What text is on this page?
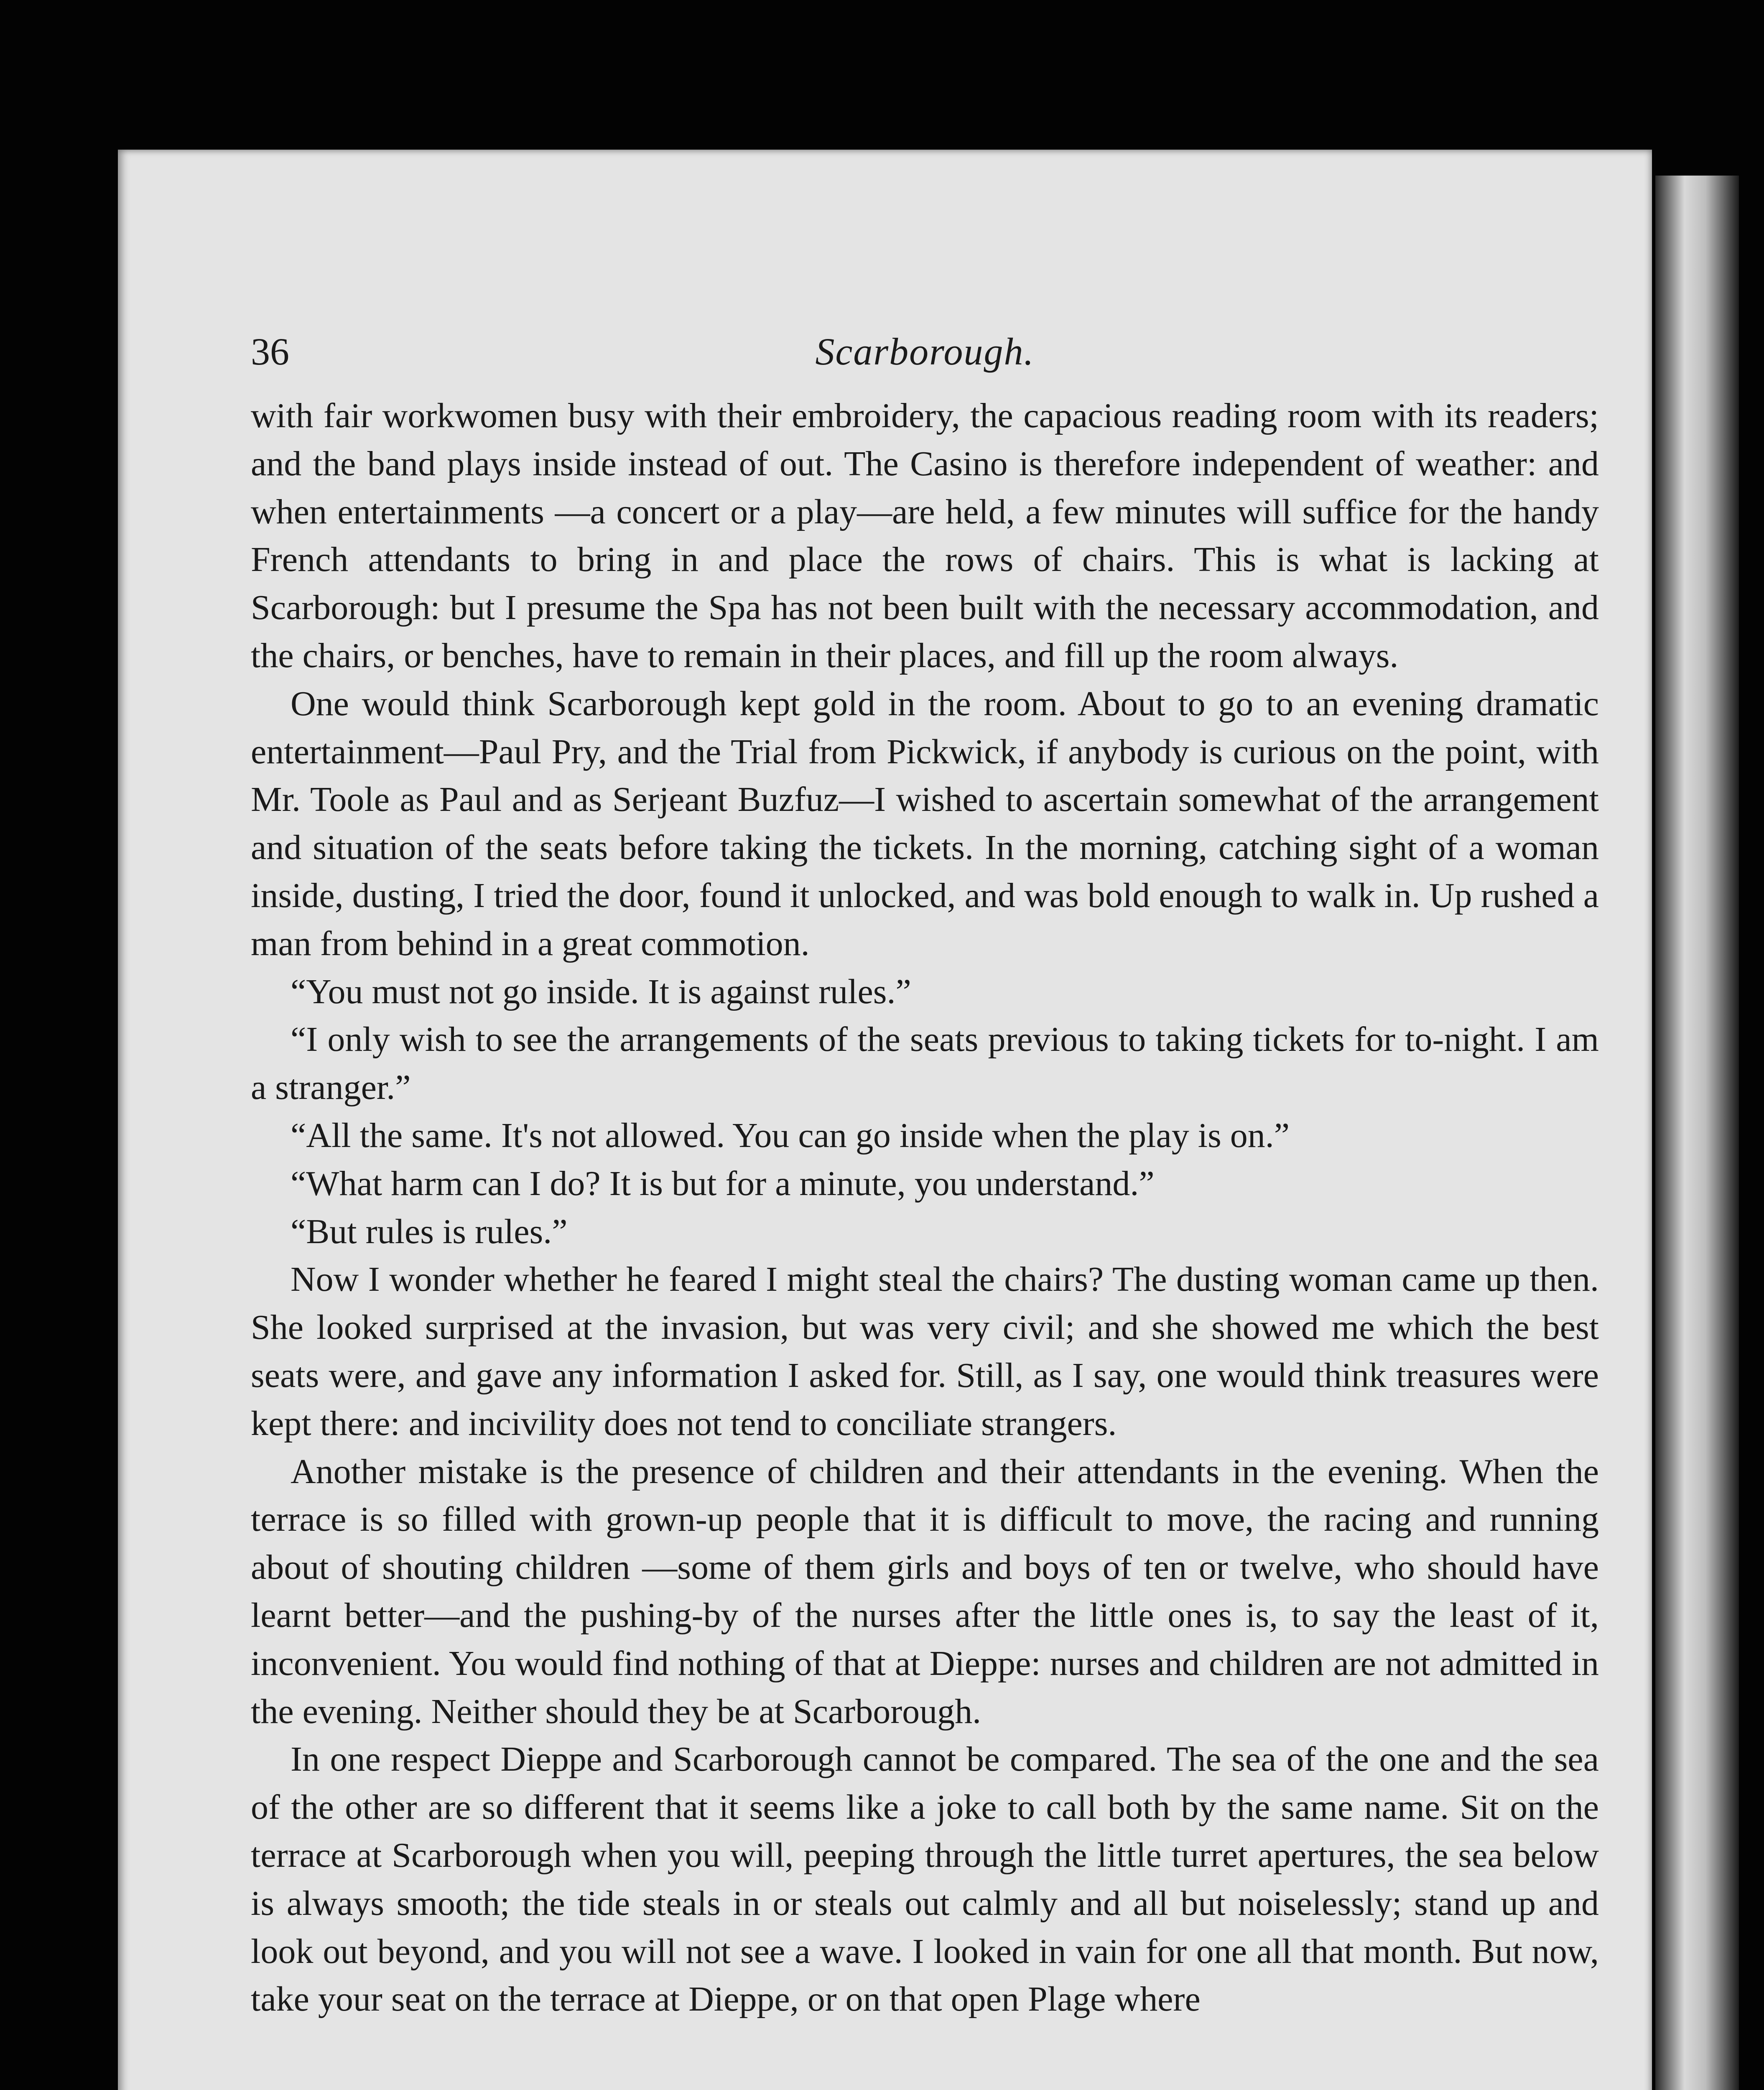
36	Scarborough.

with fair workwomen busy with their embroidery, the capacious reading room with its readers; and the band plays inside instead of out. The Casino is therefore independent of weather: and when entertainments —a concert or a play—are held, a few minutes will suffice for the handy French attendants to bring in and place the rows of chairs. This is what is lacking at Scarborough: but I presume the Spa has not been built with the necessary accommodation, and the chairs, or benches, have to remain in their places, and fill up the room always.

One would think Scarborough kept gold in the room. About to go to an evening dramatic entertainment—Paul Pry, and the Trial from Pickwick, if anybody is curious on the point, with Mr. Toole as Paul and as Serjeant Buzfuz—I wished to ascertain somewhat of the arrangement and situation of the seats before taking the tickets. In the morning, catching sight of a woman inside, dusting, I tried the door, found it unlocked, and was bold enough to walk in. Up rushed a man from behind in a great commotion.

“You must not go inside. It is against rules.”

“I only wish to see the arrangements of the seats previous to taking tickets for to-night. I am a stranger.”

“All the same. It's not allowed. You can go inside when the play is on.”

“What harm can I do? It is but for a minute, you understand.”

“But rules is rules.”

Now I wonder whether he feared I might steal the chairs? The dusting woman came up then. She looked surprised at the invasion, but was very civil; and she showed me which the best seats were, and gave any information I asked for. Still, as I say, one would think treasures were kept there: and incivility does not tend to conciliate strangers.

Another mistake is the presence of children and their attendants in the evening. When the terrace is so filled with grown-up people that it is difficult to move, the racing and running about of shouting children —some of them girls and boys of ten or twelve, who should have learnt better—and the pushing-by of the nurses after the little ones is, to say the least of it, inconvenient. You would find nothing of that at Dieppe: nurses and children are not admitted in the evening. Neither should they be at Scarborough.

In one respect Dieppe and Scarborough cannot be compared. The sea of the one and the sea of the other are so different that it seems like a joke to call both by the same name. Sit on the terrace at Scarborough when you will, peeping through the little turret apertures, the sea below is always smooth; the tide steals in or steals out calmly and all but noiselessly; stand up and look out beyond, and you will not see a wave. I looked in vain for one all that month. But now, take your seat on the terrace at Dieppe, or on that open Plage where
